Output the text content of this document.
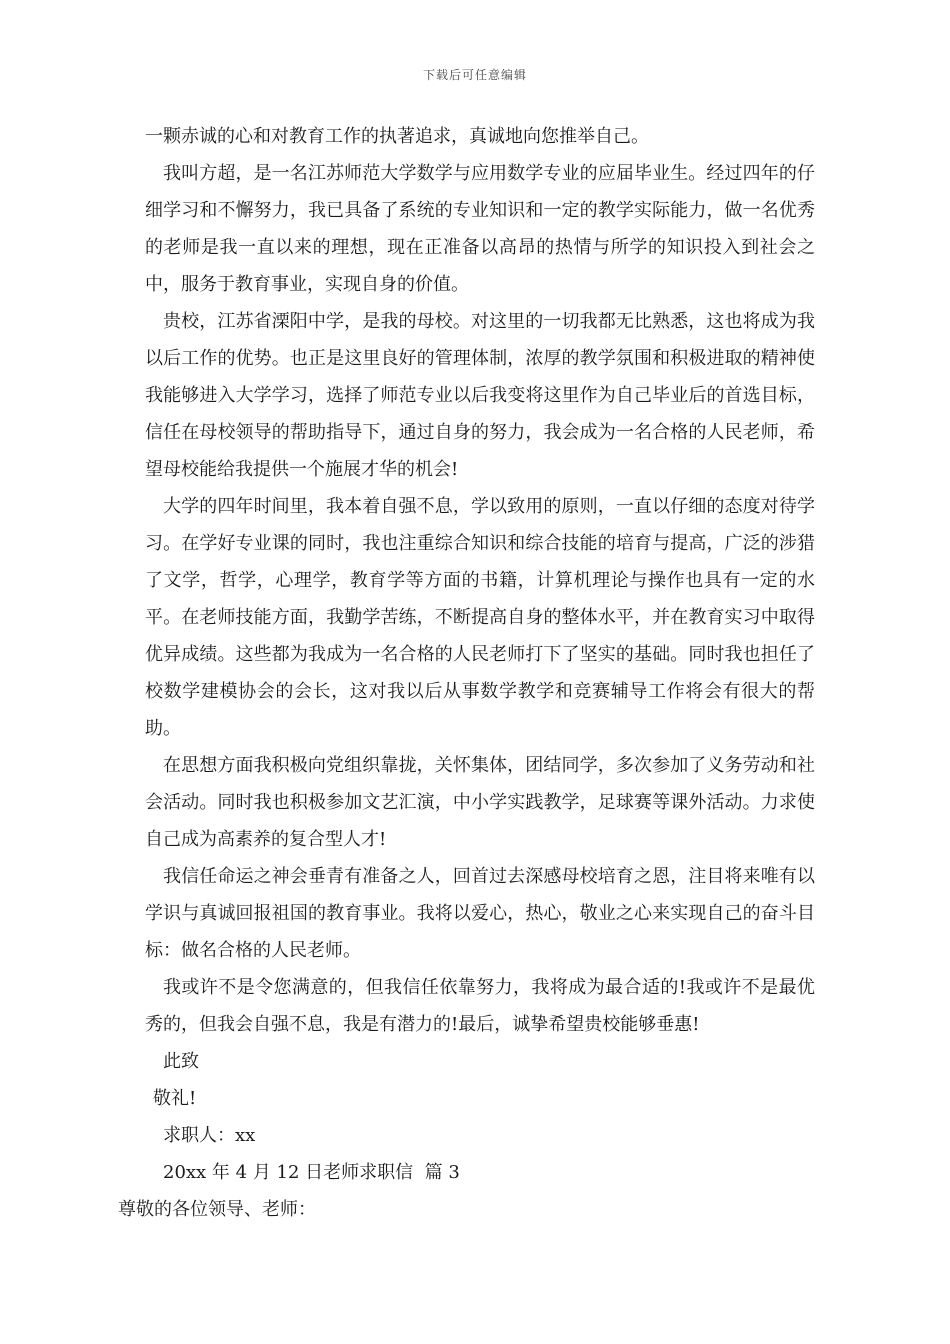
下载后可任意编辑

一颗赤诚的心和对教育工作的执著追求，真诚地向您推举自己。

我叫方超，是一名江苏师范大学数学与应用数学专业的应届毕业生。经过四年的仔细学习和不懈努力，我已具备了系统的专业知识和一定的教学实际能力，做一名优秀的老师是我一直以来的理想，现在正准备以高昂的热情与所学的知识投入到社会之中，服务于教育事业，实现自身的价值。

贵校，江苏省溧阳中学，是我的母校。对这里的一切我都无比熟悉，这也将成为我以后工作的优势。也正是这里良好的管理体制，浓厚的教学氛围和积极进取的精神使我能够进入大学学习，选择了师范专业以后我变将这里作为自己毕业后的首选目标，信任在母校领导的帮助指导下，通过自身的努力，我会成为一名合格的人民老师，希望母校能给我提供一个施展才华的机会!

大学的四年时间里，我本着自强不息，学以致用的原则，一直以仔细的态度对待学习。在学好专业课的同时，我也注重综合知识和综合技能的培育与提高，广泛的涉猎了文学，哲学，心理学，教育学等方面的书籍，计算机理论与操作也具有一定的水平。在老师技能方面，我勤学苦练，不断提高自身的整体水平，并在教育实习中取得优异成绩。这些都为我成为一名合格的人民老师打下了坚实的基础。同时我也担任了校数学建模协会的会长，这对我以后从事数学教学和竞赛辅导工作将会有很大的帮助。

在思想方面我积极向党组织靠拢，关怀集体，团结同学，多次参加了义务劳动和社会活动。同时我也积极参加文艺汇演，中小学实践教学，足球赛等课外活动。力求使自己成为高素养的复合型人才!

我信任命运之神会垂青有准备之人，回首过去深感母校培育之恩，注目将来唯有以学识与真诚回报祖国的教育事业。我将以爱心，热心，敬业之心来实现自己的奋斗目标：做名合格的人民老师。

我或许不是令您满意的，但我信任依靠努力，我将成为最合适的!我或许不是最优秀的，但我会自强不息，我是有潜力的!最后，诚挚希望贵校能够垂惠!

此致

敬礼!

求职人：xx

20xx 年 4 月 12 日老师求职信  篇 3

尊敬的各位领导、老师：
